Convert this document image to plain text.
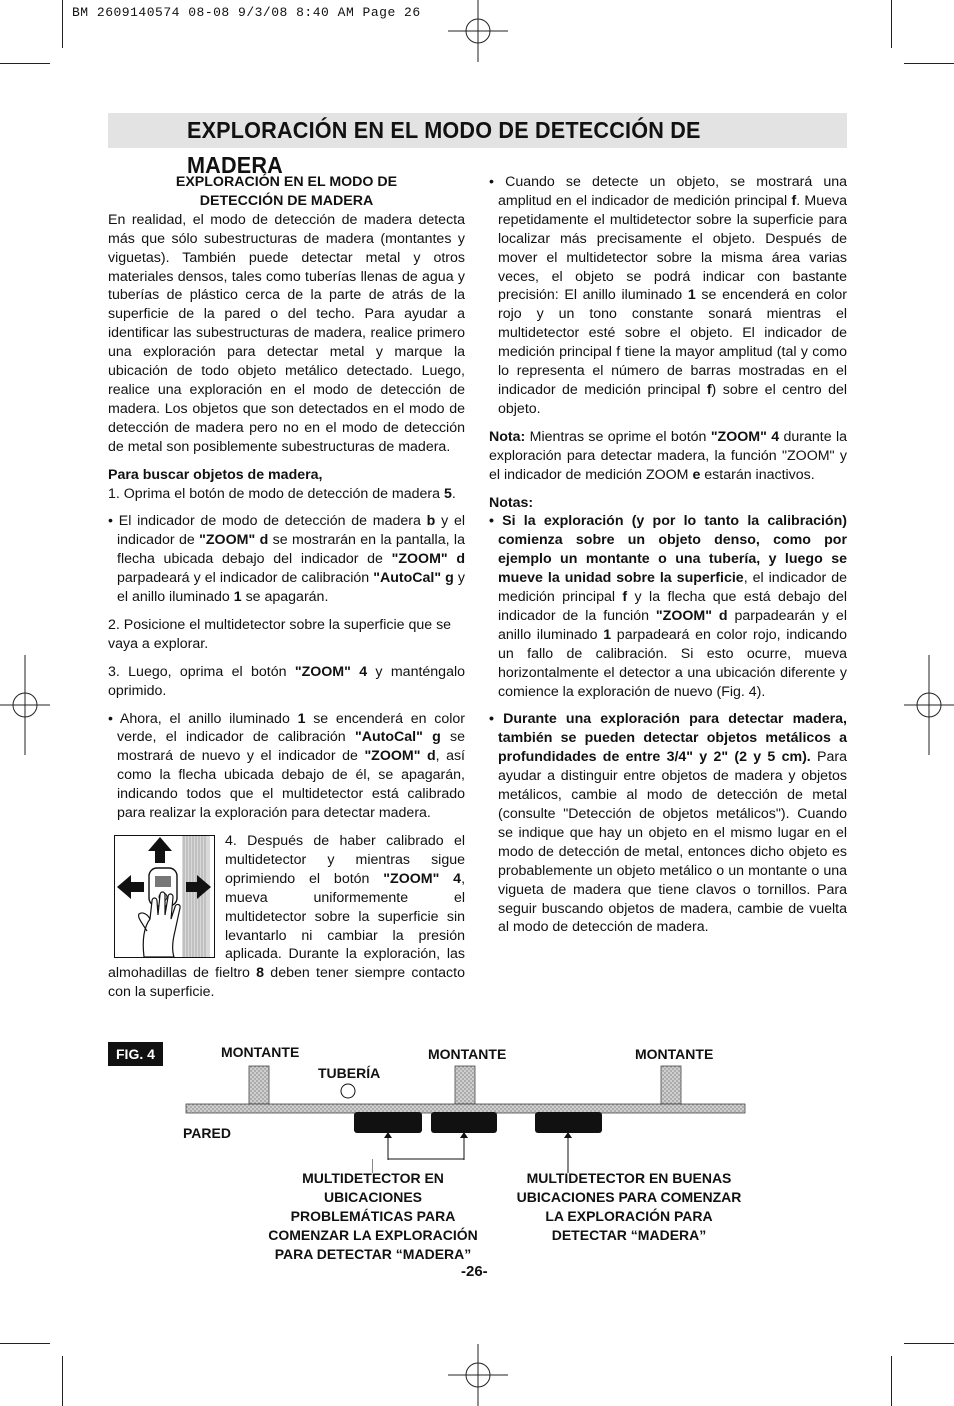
BM 2609140574 08-08 9/3/08 8:40 AM Page 26
EXPLORACIÓN EN EL MODO DE DETECCIÓN DE MADERA

EXPLORACIÓN EN EL MODO DE
DETECCIÓN DE MADERA

En realidad, el modo de detección de madera detecta más que sólo subestructuras de madera (montantes y viguetas). También puede detectar metal y otros materiales densos, tales como tuberías llenas de agua y tuberías de plástico cerca de la parte de atrás de la superficie de la pared o del techo. Para ayudar a identificar las subestructuras de madera, realice primero una exploración para detectar metal y marque la ubicación de todo objeto metálico detectado. Luego, realice una exploración en el modo de detección de madera. Los objetos que son detectados en el modo de detección de madera pero no en el modo de detección de metal son posiblemente subestructuras de madera.

Para buscar objetos de madera,

1. Oprima el botón de modo de detección de madera 5.

• El indicador de modo de detección de madera b y el indicador de "ZOOM" d se mostrarán en la pantalla, la flecha ubicada debajo del indicador de "ZOOM" d parpadeará y el indicador de calibración "AutoCal" g y el anillo iluminado 1 se apagarán.

2. Posicione el multidetector sobre la superficie que se vaya a explorar.

3. Luego, oprima el botón "ZOOM" 4 y manténgalo oprimido.

• Ahora, el anillo iluminado 1 se encenderá en color verde, el indicador de calibración "AutoCal" g se mostrará de nuevo y el indicador de "ZOOM" d, así como la flecha ubicada debajo de él, se apagarán, indicando todos que el multidetector está calibrado para realizar la exploración para detectar madera.

4. Después de haber calibrado el multidetector y mientras sigue oprimiendo el botón "ZOOM" 4, mueva uniformemente el multidetector sobre la superficie sin levantarlo ni cambiar la presión aplicada. Durante la exploración, las almohadillas de fieltro 8 deben tener siempre contacto con la superficie.

• Cuando se detecte un objeto, se mostrará una amplitud en el indicador de medición principal f. Mueva repetidamente el multidetector sobre la superficie para localizar más precisamente el objeto. Después de mover el multidetector sobre la misma área varias veces, el objeto se podrá indicar con bastante precisión: El anillo iluminado 1 se encenderá en color rojo y un tono constante sonará mientras el multidetector esté sobre el objeto. El indicador de medición principal f tiene la mayor amplitud (tal y como lo representa el número de barras mostradas en el indicador de medición principal f) sobre el centro del objeto.

Nota: Mientras se oprime el botón "ZOOM" 4 durante la exploración para detectar madera, la función "ZOOM" y el indicador de medición ZOOM e estarán inactivos.

Notas:

• Si la exploración (y por lo tanto la calibración) comienza sobre un objeto denso, como por ejemplo un montante o una tubería, y luego se mueve la unidad sobre la superficie, el indicador de medición principal f y la flecha que está debajo del indicador de la función "ZOOM" d parpadearán y el anillo iluminado 1 parpadeará en color rojo, indicando un fallo de calibración. Si esto ocurre, mueva horizontalmente el detector a una ubicación diferente y comience la exploración de nuevo (Fig. 4).

• Durante una exploración para detectar madera, también se pueden detectar objetos metálicos a profundidades de entre 3/4" y 2" (2 y 5 cm). Para ayudar a distinguir entre objetos de madera y objetos metálicos, cambie al modo de detección de metal (consulte "Detección de objetos metálicos"). Cuando se indique que hay un objeto en el mismo lugar en el modo de detección de metal, entonces dicho objeto es probablemente un objeto metálico o un montante o una vigueta de madera que tiene clavos o tornillos. Para seguir buscando objetos de madera, cambie de vuelta al modo de detección de madera.

FIG. 4	MONTANTE
TUBERÍA
MONTANTE	MONTANTE
PARED
MULTIDETECTOR EN UBICACIONES
PROBLEMÁTICAS PARA
COMENZAR LA EXPLORACIÓN
PARA DETECTAR “MADERA”
MULTIDETECTOR EN BUENAS
UBICACIONES PARA COMENZAR
LA EXPLORACIÓN PARA
DETECTAR “MADERA”
-26-
